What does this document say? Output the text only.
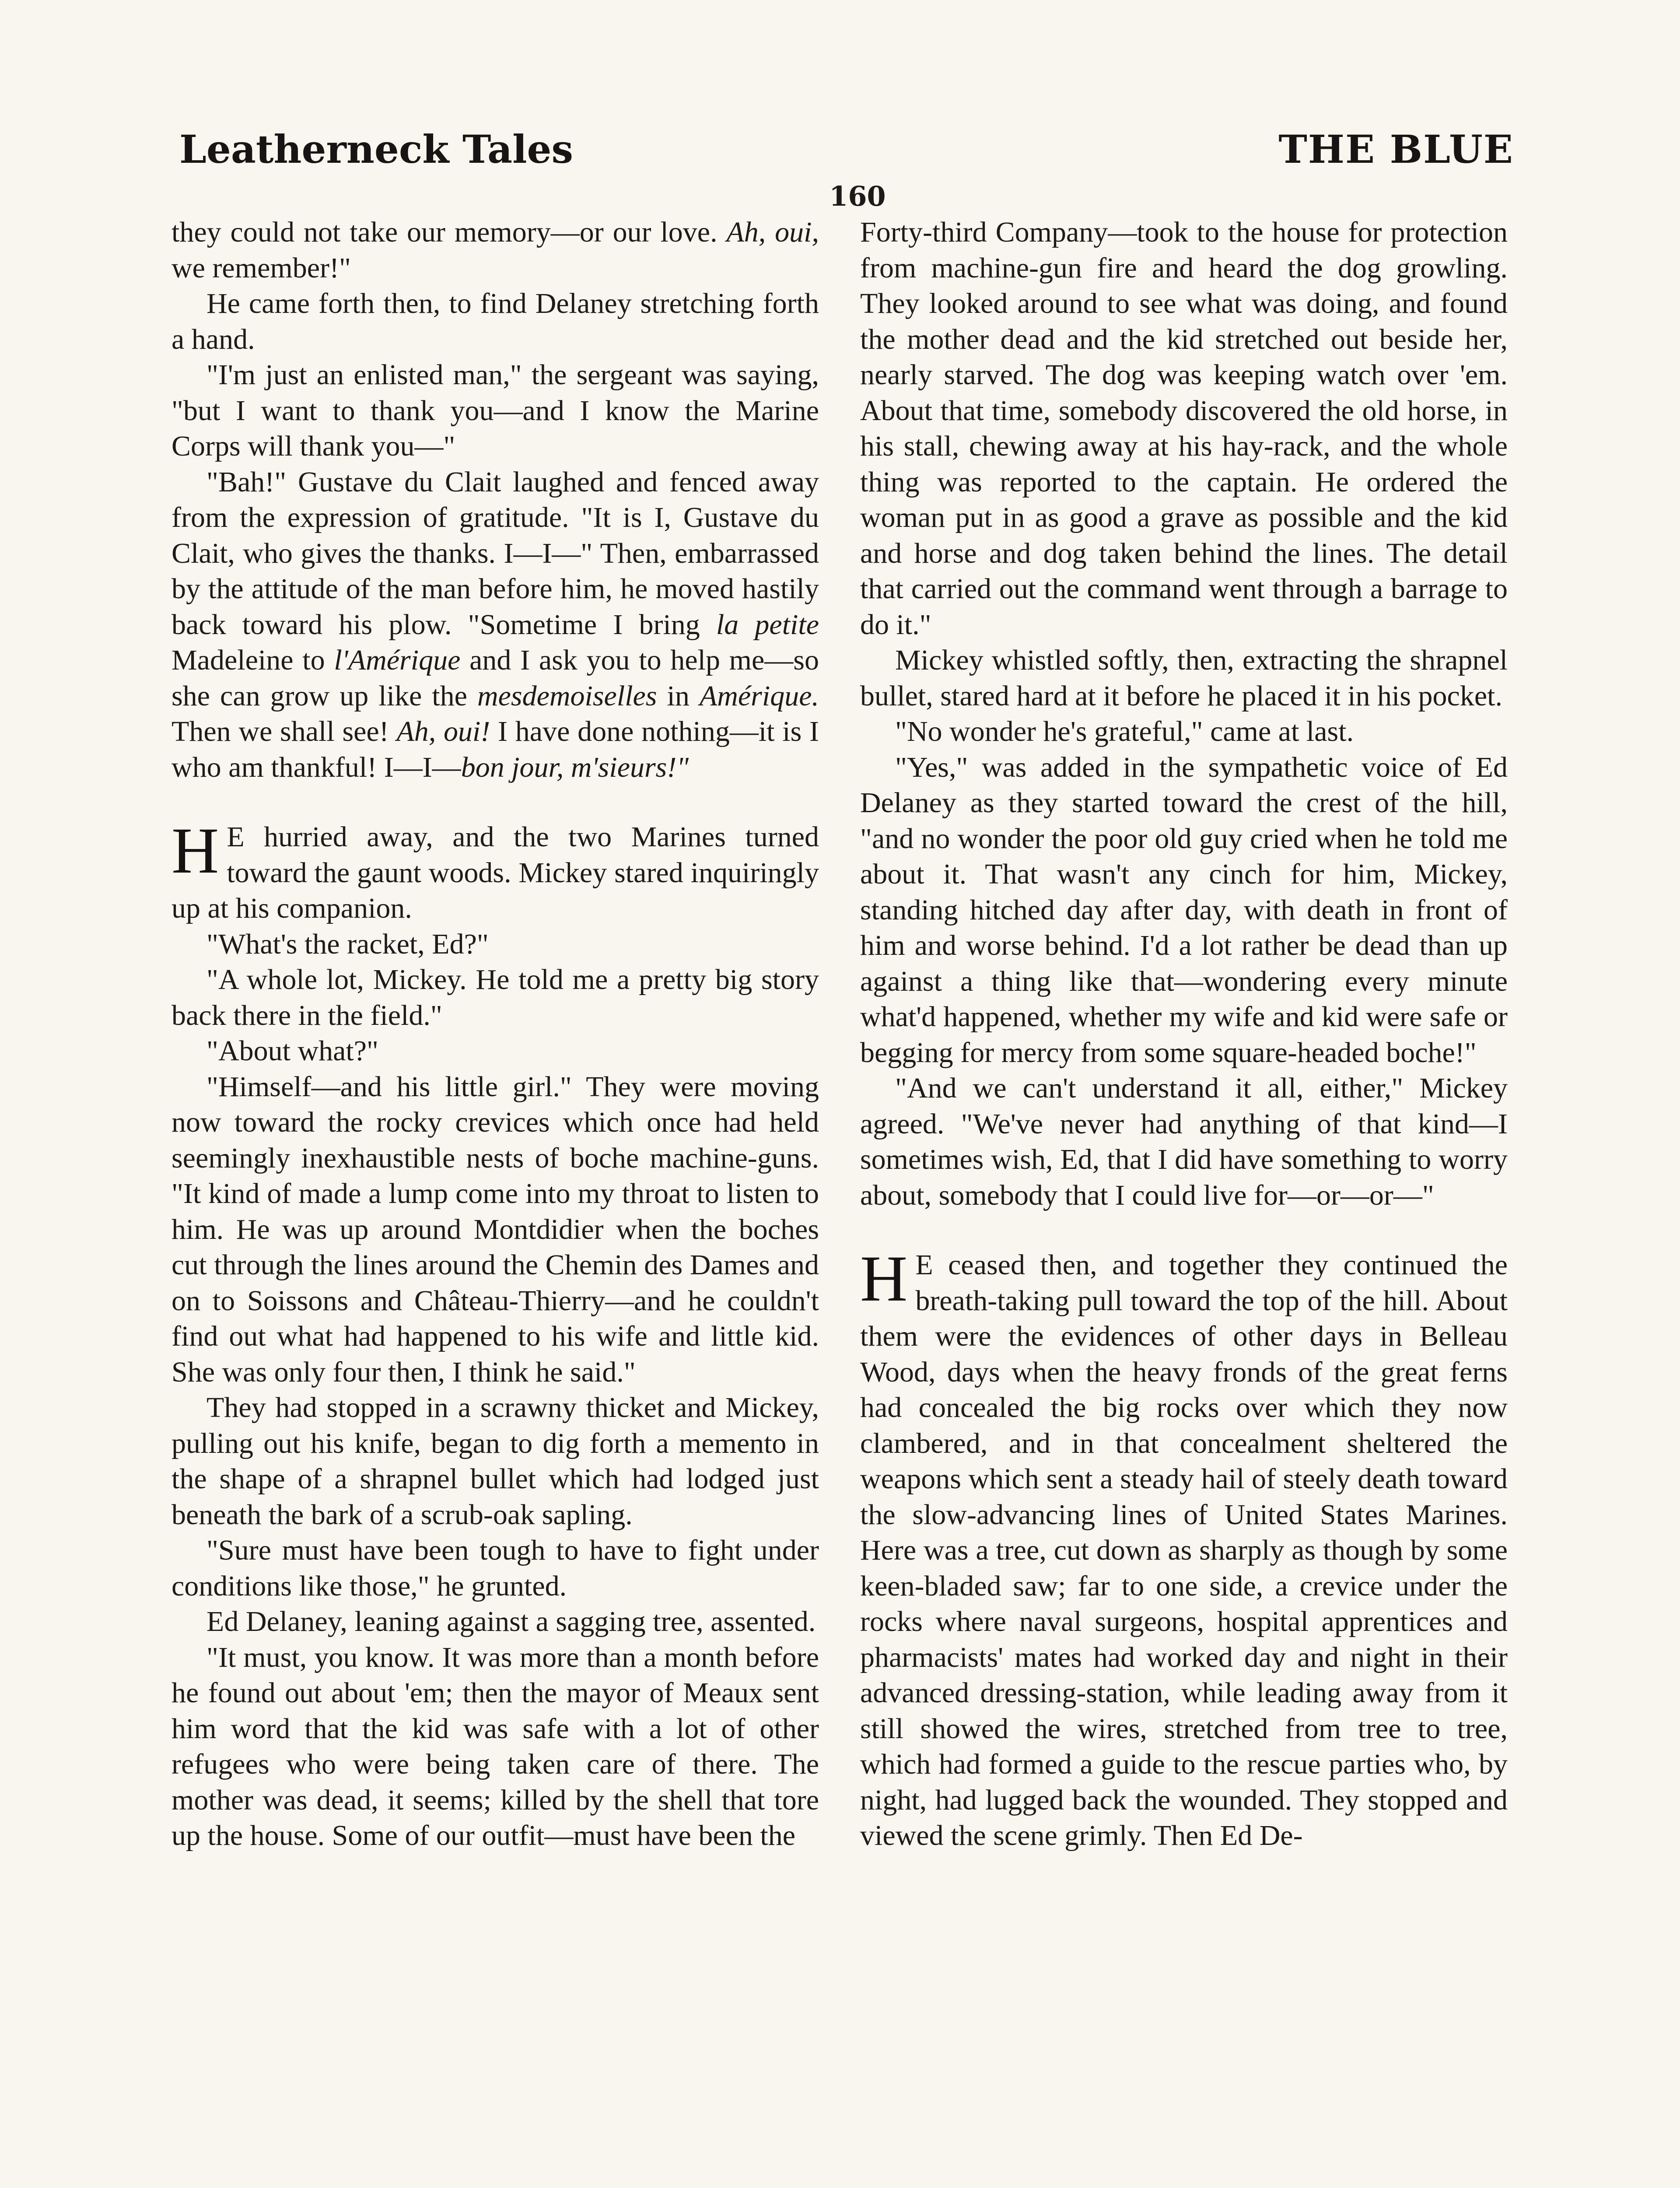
Leatherneck Tales	THE BLUE
160

they could not take our memory—or our love. Ah, oui, we remember!"

He came forth then, to find Delaney stretching forth a hand.

"I'm just an enlisted man," the sergeant was saying, "but I want to thank you—and I know the Marine Corps will thank you—"

"Bah!" Gustave du Clait laughed and fenced away from the expression of gratitude. "It is I, Gustave du Clait, who gives the thanks. I—I—" Then, embarrassed by the attitude of the man before him, he moved hastily back toward his plow. "Sometime I bring la petite Madeleine to l'Amérique and I ask you to help me—so she can grow up like the mesdemoiselles in Amérique. Then we shall see! Ah, oui! I have done nothing—it is I who am thankful! I—I—bon jour, m'sieurs!"

H E hurried away, and the two Marines turned toward the gaunt woods. Mickey stared inquiringly up at his companion.

"What's the racket, Ed?"

"A whole lot, Mickey. He told me a pretty big story back there in the field."

"About what?"

"Himself—and his little girl." They were moving now toward the rocky crevices which once had held seemingly inexhaustible nests of boche machine-guns. "It kind of made a lump come into my throat to listen to him. He was up around Montdidier when the boches cut through the lines around the Chemin des Dames and on to Soissons and Château-Thierry—and he couldn't find out what had happened to his wife and little kid. She was only four then, I think he said."

They had stopped in a scrawny thicket and Mickey, pulling out his knife, began to dig forth a memento in the shape of a shrapnel bullet which had lodged just beneath the bark of a scrub-oak sapling.

"Sure must have been tough to have to fight under conditions like those," he grunted.

Ed Delaney, leaning against a sagging tree, assented.

"It must, you know. It was more than a month before he found out about 'em; then the mayor of Meaux sent him word that the kid was safe with a lot of other refugees who were being taken care of there. The mother was dead, it seems; killed by the shell that tore up the house. Some of our outfit—must have been the

Forty-third Company—took to the house for protection from machine-gun fire and heard the dog growling. They looked around to see what was doing, and found the mother dead and the kid stretched out beside her, nearly starved. The dog was keeping watch over 'em. About that time, somebody discovered the old horse, in his stall, chewing away at his hay-rack, and the whole thing was reported to the captain. He ordered the woman put in as good a grave as possible and the kid and horse and dog taken behind the lines. The detail that carried out the command went through a barrage to do it."

Mickey whistled softly, then, extracting the shrapnel bullet, stared hard at it before he placed it in his pocket.

"No wonder he's grateful," came at last.

"Yes," was added in the sympathetic voice of Ed Delaney as they started toward the crest of the hill, "and no wonder the poor old guy cried when he told me about it. That wasn't any cinch for him, Mickey, standing hitched day after day, with death in front of him and worse behind. I'd a lot rather be dead than up against a thing like that—wondering every minute what'd happened, whether my wife and kid were safe or begging for mercy from some square-headed boche!"

"And we can't understand it all, either," Mickey agreed. "We've never had anything of that kind—I sometimes wish, Ed, that I did have something to worry about, somebody that I could live for—or—or—"

H E ceased then, and together they continued the breath-taking pull toward the top of the hill. About them were the evidences of other days in Belleau Wood, days when the heavy fronds of the great ferns had concealed the big rocks over which they now clambered, and in that concealment sheltered the weapons which sent a steady hail of steely death toward the slow-advancing lines of United States Marines. Here was a tree, cut down as sharply as though by some keen-bladed saw; far to one side, a crevice under the rocks where naval surgeons, hospital apprentices and pharmacists' mates had worked day and night in their advanced dressing-station, while leading away from it still showed the wires, stretched from tree to tree, which had formed a guide to the rescue parties who, by night, had lugged back the wounded. They stopped and viewed the scene grimly. Then Ed De-
